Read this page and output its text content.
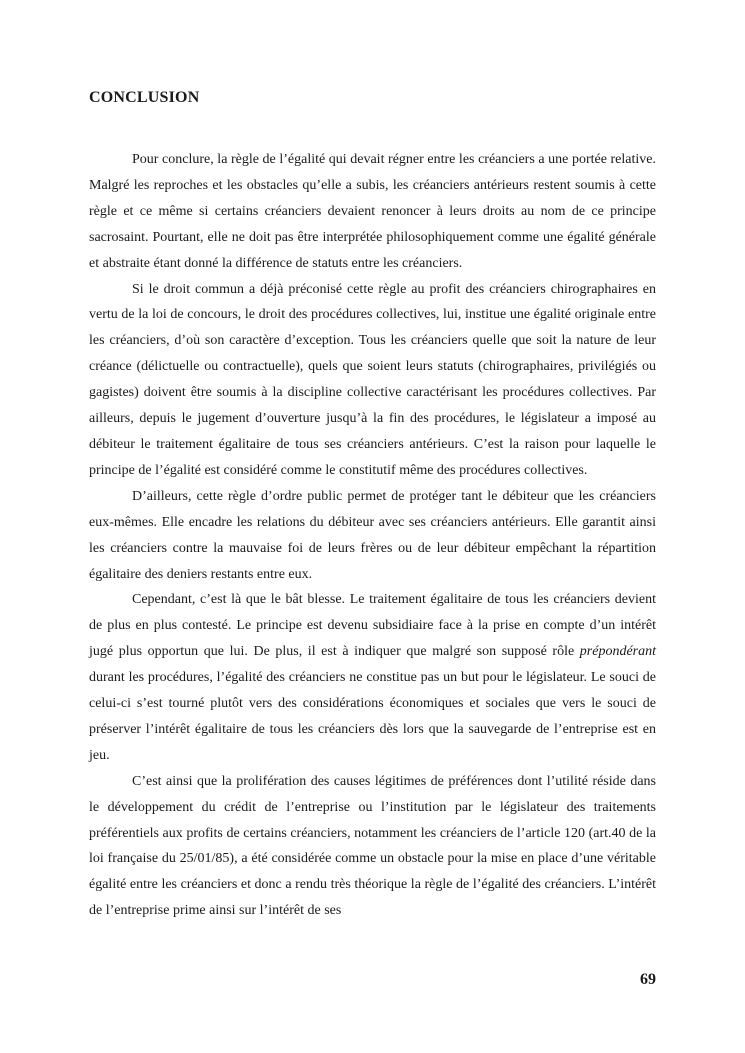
CONCLUSION

Pour conclure, la règle de l’égalité qui devait régner entre les créanciers a une portée relative. Malgré les reproches et les obstacles qu’elle a subis, les créanciers antérieurs restent soumis à cette règle et ce même si certains créanciers devaient renoncer à leurs droits au nom de ce principe sacrosaint. Pourtant, elle ne doit pas être interprétée philosophiquement comme une égalité générale et abstraite étant donné la différence de statuts entre les créanciers.

Si le droit commun a déjà préconisé cette règle au profit des créanciers chirographaires en vertu de la loi de concours, le droit des procédures collectives, lui, institue une égalité originale entre les créanciers, d’où son caractère d’exception. Tous les créanciers quelle que soit la nature de leur créance (délictuelle ou contractuelle), quels que soient leurs statuts (chirographaires, privilégiés ou gagistes) doivent être soumis à la discipline collective caractérisant les procédures collectives. Par ailleurs, depuis le jugement d’ouverture jusqu’à la fin des procédures, le législateur a imposé au débiteur le traitement égalitaire de tous ses créanciers antérieurs. C’est la raison pour laquelle le principe de l’égalité est considéré comme le constitutif même des procédures collectives.

D’ailleurs, cette règle d’ordre public permet de protéger tant le débiteur que les créanciers eux-mêmes. Elle encadre les relations du débiteur avec ses créanciers antérieurs. Elle garantit ainsi les créanciers contre la mauvaise foi de leurs frères ou de leur débiteur empêchant la répartition égalitaire des deniers restants entre eux.

Cependant, c’est là que le bât blesse. Le traitement égalitaire de tous les créanciers devient de plus en plus contesté. Le principe est devenu subsidiaire face à la prise en compte d’un intérêt jugé plus opportun que lui. De plus, il est à indiquer que malgré son supposé rôle prépondérant durant les procédures, l’égalité des créanciers ne constitue pas un but pour le législateur. Le souci de celui-ci s’est tourné plutôt vers des considérations économiques et sociales que vers le souci de préserver l’intérêt égalitaire de tous les créanciers dès lors que la sauvegarde de l’entreprise est en jeu.

C’est ainsi que la prolifération des causes légitimes de préférences dont l’utilité réside dans le développement du crédit de l’entreprise ou l’institution par le législateur des traitements préférentiels aux profits de certains créanciers, notamment les créanciers de l’article 120 (art.40 de la loi française du 25/01/85), a été considérée comme un obstacle pour la mise en place d’une véritable égalité entre les créanciers et donc a rendu très théorique la règle de l’égalité des créanciers. L’intérêt de l’entreprise prime ainsi sur l’intérêt de ses

69
